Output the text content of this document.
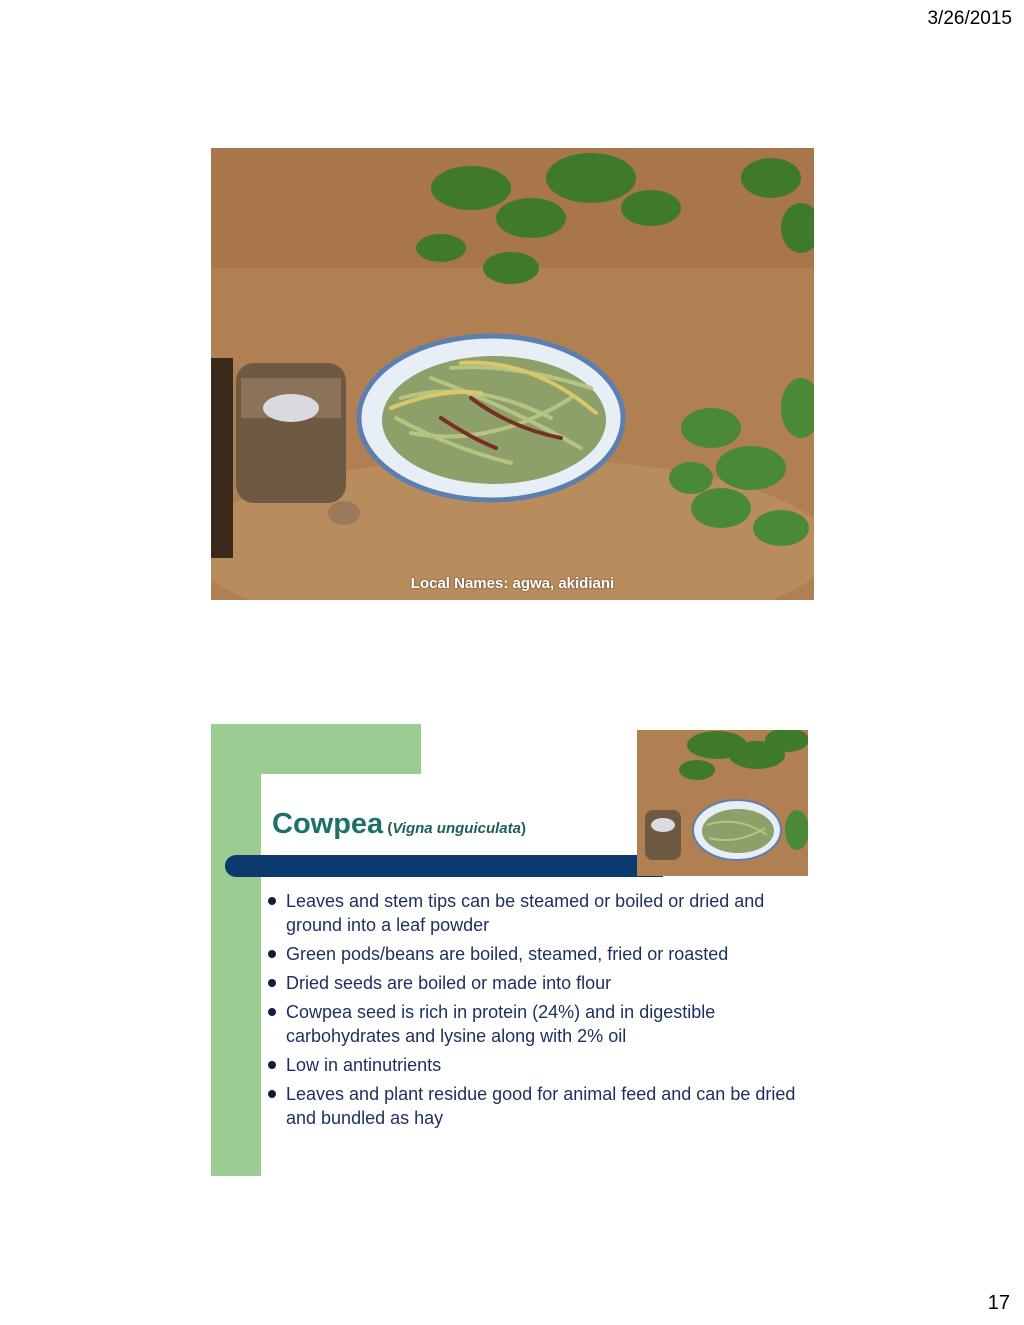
3/26/2015
Local Names: agwa, akidiani
Cowpea (Vigna unguiculata)
Leaves and stem tips can be steamed or boiled or dried and ground into a leaf powder
Green pods/beans are boiled, steamed, fried or roasted
Dried seeds are boiled or made into flour
Cowpea seed is rich in protein (24%) and in digestible carbohydrates and lysine along with 2% oil
Low in antinutrients
Leaves and plant residue good for animal feed and can be dried and bundled as hay
17
